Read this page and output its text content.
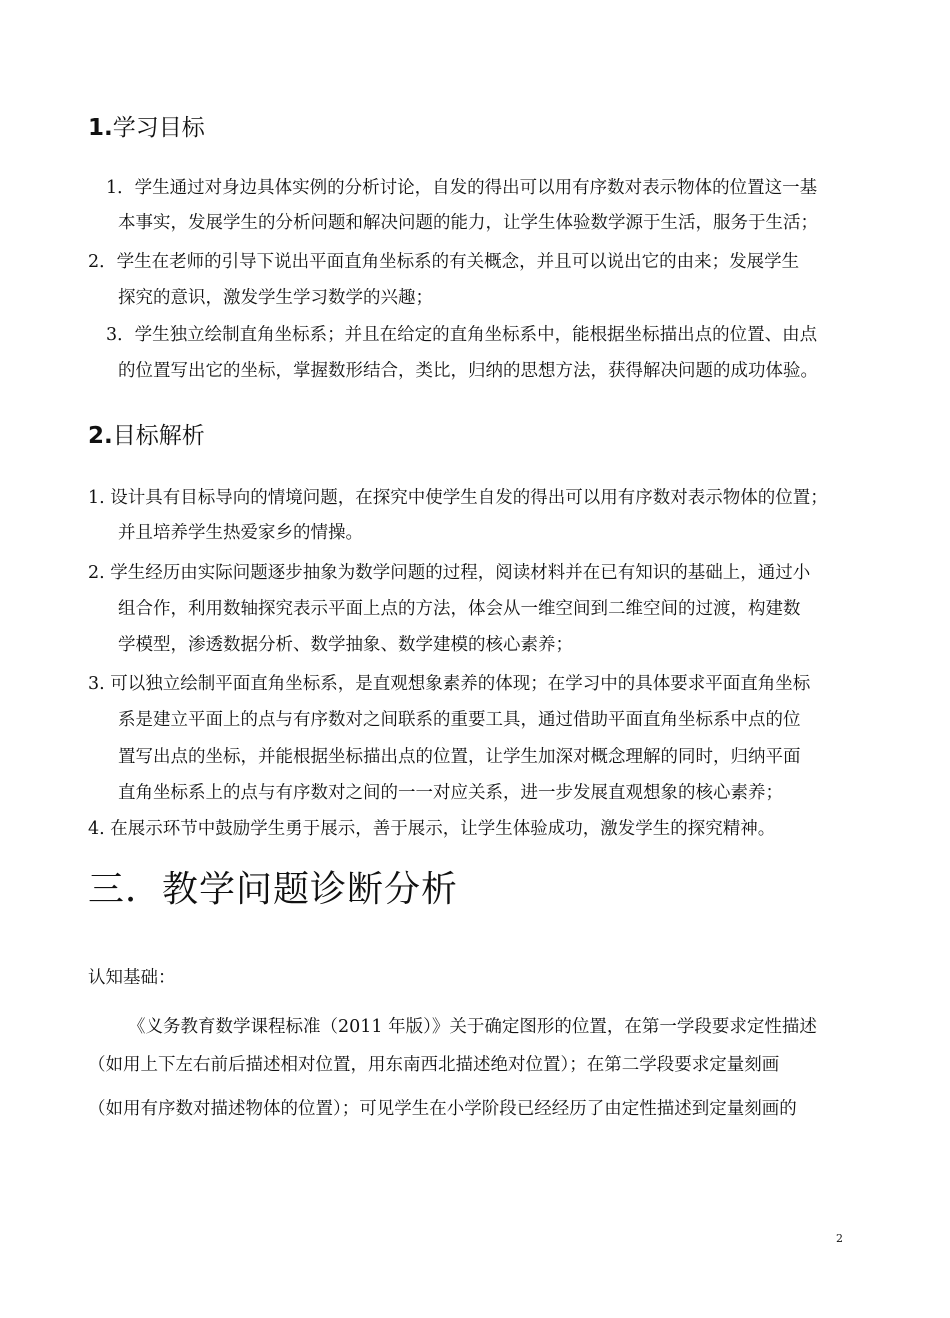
1.学习目标
1．学生通过对身边具体实例的分析讨论，自发的得出可以用有序数对表示物体的位置这一基
本事实，发展学生的分析问题和解决问题的能力，让学生体验数学源于生活，服务于生活；
2．学生在老师的引导下说出平面直角坐标系的有关概念，并且可以说出它的由来；发展学生
探究的意识，激发学生学习数学的兴趣；
3．学生独立绘制直角坐标系；并且在给定的直角坐标系中，能根据坐标描出点的位置、由点
的位置写出它的坐标，掌握数形结合，类比，归纳的思想方法，获得解决问题的成功体验。
2.目标解析
1. 设计具有目标导向的情境问题，在探究中使学生自发的得出可以用有序数对表示物体的位置；
并且培养学生热爱家乡的情操。
2. 学生经历由实际问题逐步抽象为数学问题的过程，阅读材料并在已有知识的基础上，通过小
组合作，利用数轴探究表示平面上点的方法，体会从一维空间到二维空间的过渡，构建数
学模型，渗透数据分析、数学抽象、数学建模的核心素养；
3. 可以独立绘制平面直角坐标系，是直观想象素养的体现；在学习中的具体要求平面直角坐标
系是建立平面上的点与有序数对之间联系的重要工具，通过借助平面直角坐标系中点的位
置写出点的坐标，并能根据坐标描出点的位置，让学生加深对概念理解的同时，归纳平面
直角坐标系上的点与有序数对之间的一一对应关系，进一步发展直观想象的核心素养；
4. 在展示环节中鼓励学生勇于展示，善于展示，让学生体验成功，激发学生的探究精神。
三．教学问题诊断分析
认知基础：
《义务教育数学课程标准（2011 年版）》关于确定图形的位置，在第一学段要求定性描述
（如用上下左右前后描述相对位置，用东南西北描述绝对位置）；在第二学段要求定量刻画
（如用有序数对描述物体的位置）；可见学生在小学阶段已经经历了由定性描述到定量刻画的
2
